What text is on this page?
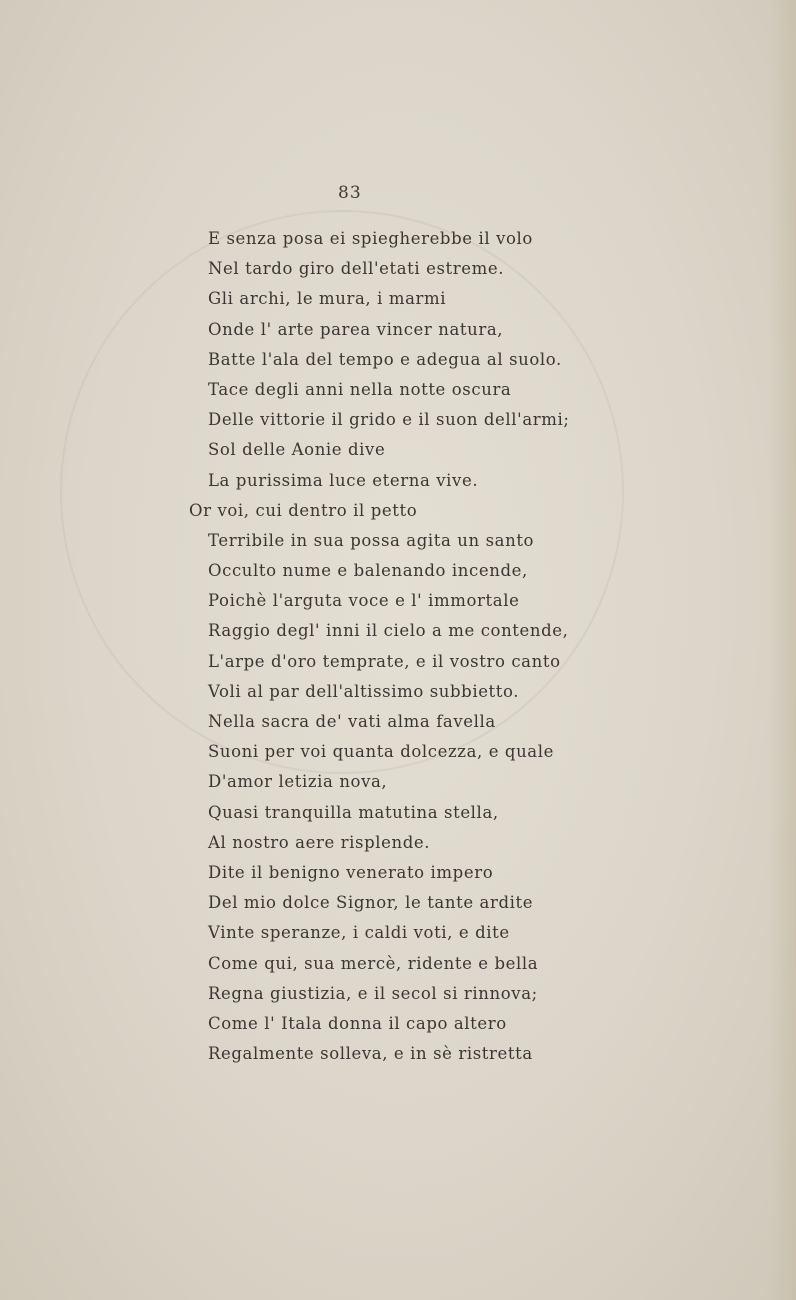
83
E senza posa ei spiegherebbe il volo
Nel tardo giro dell'etati estreme.
Gli archi, le mura, i marmi
Onde l' arte parea vincer natura,
Batte l'ala del tempo e adegua al suolo.
Tace degli anni nella notte oscura
Delle vittorie il grido e il suon dell'armi;
Sol delle Aonie dive
La purissima luce eterna vive.
Or voi, cui dentro il petto
Terribile in sua possa agita un santo
Occulto nume e balenando incende,
Poichè l'arguta voce e l' immortale
Raggio degl' inni il cielo a me contende,
L'arpe d'oro temprate, e il vostro canto
Voli al par dell'altissimo subbietto.
Nella sacra de' vati alma favella
Suoni per voi quanta dolcezza, e quale
D'amor letizia nova,
Quasi tranquilla matutina stella,
Al nostro aere risplende.
Dite il benigno venerato impero
Del mio dolce Signor, le tante ardite
Vinte speranze, i caldi voti, e dite
Come qui, sua mercè, ridente e bella
Regna giustizia, e il secol si rinnova;
Come l' Itala donna il capo altero
Regalmente solleva, e in sè ristretta
